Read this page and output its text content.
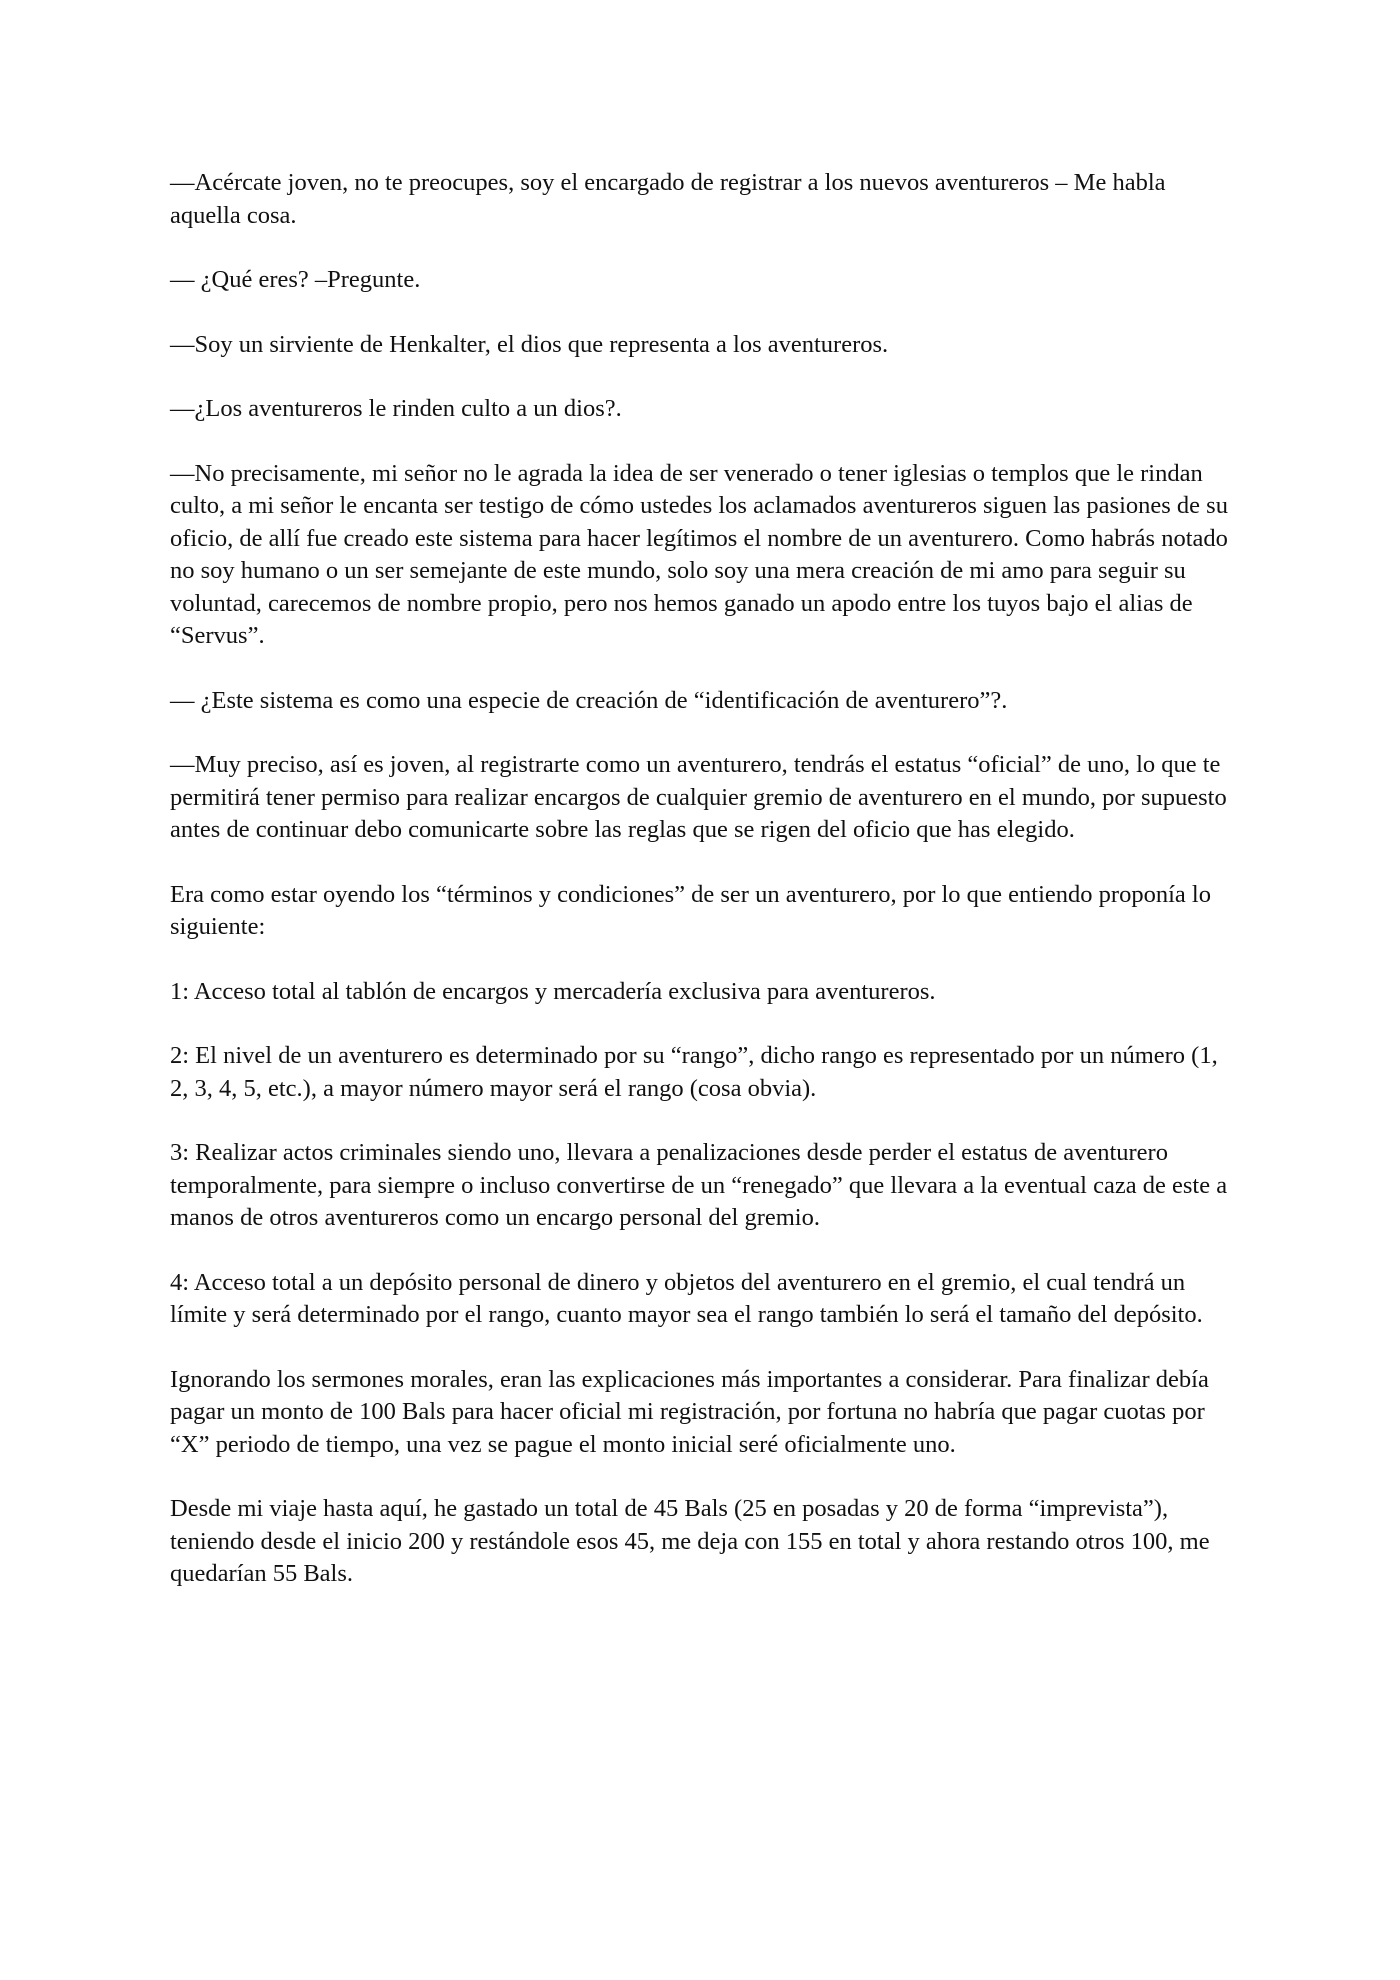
—Acércate joven, no te preocupes, soy el encargado de registrar a los nuevos aventureros – Me habla aquella cosa.

— ¿Qué eres? –Pregunte.

—Soy un sirviente de Henkalter, el dios que representa a los aventureros.

—¿Los aventureros le rinden culto a un dios?.

—No precisamente, mi señor no le agrada la idea de ser venerado o tener iglesias o templos que le rindan culto, a mi señor le encanta ser testigo de cómo ustedes los aclamados aventureros siguen las pasiones de su oficio, de allí fue creado este sistema para hacer legítimos el nombre de un aventurero. Como habrás notado no soy humano o un ser semejante de este mundo, solo soy una mera creación de mi amo para seguir su voluntad, carecemos de nombre propio, pero nos hemos ganado un apodo entre los tuyos bajo el alias de “Servus”.

— ¿Este sistema es como una especie de creación de “identificación de aventurero”?.

—Muy preciso, así es joven, al registrarte como un aventurero, tendrás el estatus “oficial” de uno, lo que te permitirá tener permiso para realizar encargos de cualquier gremio de aventurero en el mundo, por supuesto antes de continuar debo comunicarte sobre las reglas que se rigen del oficio que has elegido.

Era como estar oyendo los “términos y condiciones” de ser un aventurero, por lo que entiendo proponía lo siguiente:

1: Acceso total al tablón de encargos y mercadería exclusiva para aventureros.

2: El nivel de un aventurero es determinado por su “rango”, dicho rango es representado por un número (1, 2, 3, 4, 5, etc.), a mayor número mayor será el rango (cosa obvia).

3: Realizar actos criminales siendo uno, llevara a penalizaciones desde perder el estatus de aventurero temporalmente, para siempre o incluso convertirse de un “renegado” que llevara a la eventual caza de este a manos de otros aventureros como un encargo personal del gremio.

4: Acceso total a un depósito personal de dinero y objetos del aventurero en el gremio, el cual tendrá un límite y será determinado por el rango, cuanto mayor sea el rango también lo será el tamaño del depósito.

Ignorando los sermones morales, eran las explicaciones más importantes a considerar. Para finalizar debía pagar un monto de 100 Bals para hacer oficial mi registración, por fortuna no habría que pagar cuotas por “X” periodo de tiempo, una vez se pague el monto inicial seré oficialmente uno.

Desde mi viaje hasta aquí, he gastado un total de 45 Bals (25 en posadas y 20 de forma “imprevista”), teniendo desde el inicio 200 y restándole esos 45, me deja con 155 en total y ahora restando otros 100, me quedarían 55 Bals.
